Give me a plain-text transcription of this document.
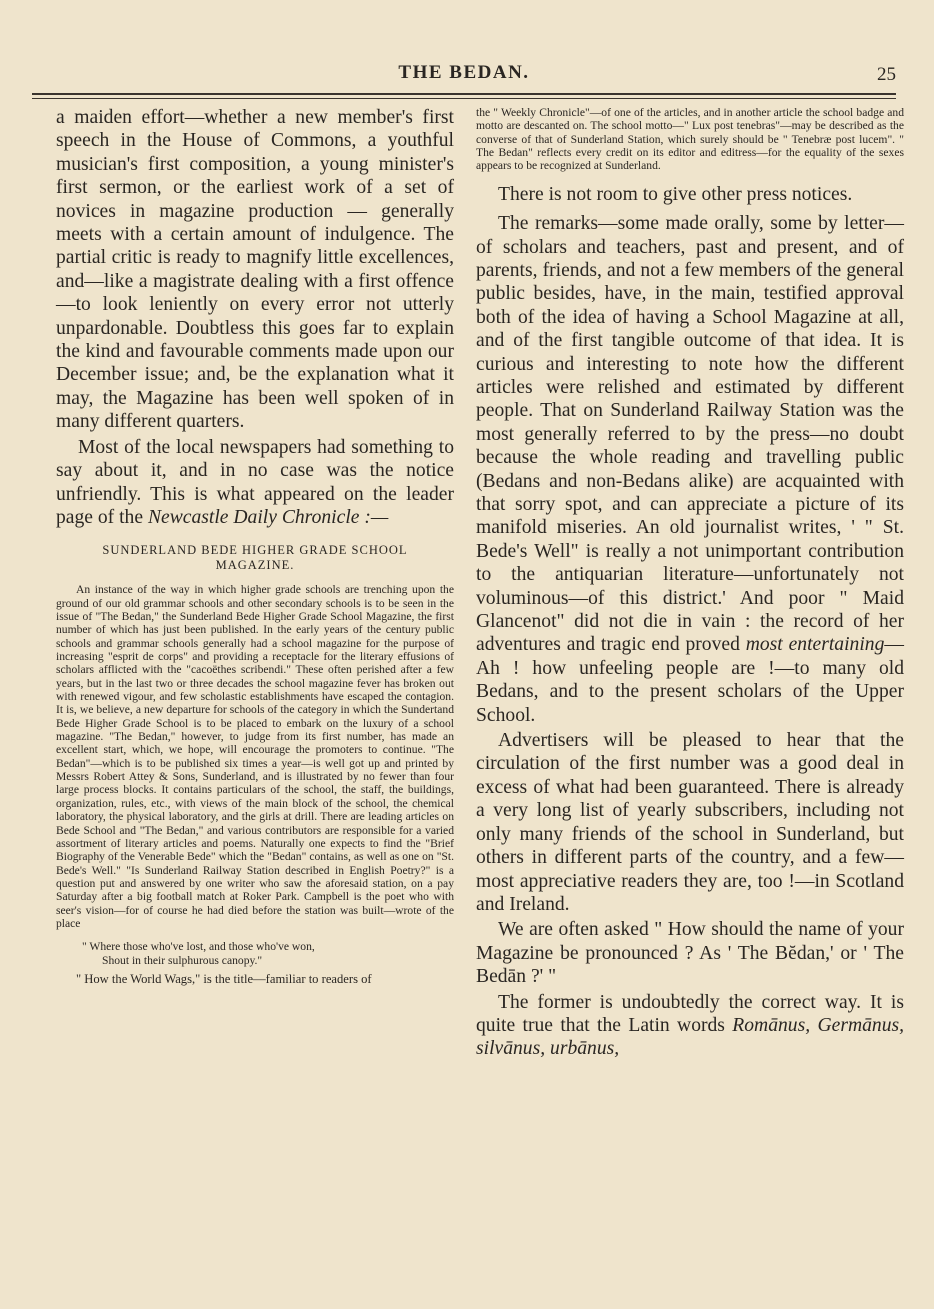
THE BEDAN.	25

a maiden effort—whether a new member's first speech in the House of Commons, a youthful musician's first composition, a young minister's first sermon, or the earliest work of a set of novices in magazine production — generally meets with a certain amount of indulgence. The partial critic is ready to magnify little excellences, and—like a magistrate dealing with a first offence—to look leniently on every error not utterly unpardonable. Doubtless this goes far to explain the kind and favourable comments made upon our December issue; and, be the explanation what it may, the Magazine has been well spoken of in many different quarters.

Most of the local newspapers had something to say about it, and in no case was the notice unfriendly. This is what appeared on the leader page of the Newcastle Daily Chronicle :—

SUNDERLAND BEDE HIGHER GRADE SCHOOL MAGAZINE.

An instance of the way in which higher grade schools are trenching upon the ground of our old grammar schools and other secondary schools is to be seen in the issue of "The Bedan," the Sunderland Bede Higher Grade School Magazine, the first number of which has just been published. In the early years of the century public schools and grammar schools generally had a school magazine for the purpose of increasing "esprit de corps" and providing a receptacle for the literary effusions of scholars afflicted with the "cacoëthes scribendi." These often perished after a few years, but in the last two or three decades the school magazine fever has broken out with renewed vigour, and few scholastic establishments have escaped the contagion. It is, we believe, a new departure for schools of the category in which the Sundertand Bede Higher Grade School is to be placed to embark on the luxury of a school magazine. "The Bedan," however, to judge from its first number, has made an excellent start, which, we hope, will encourage the promoters to continue. "The Bedan"—which is to be published six times a year—is well got up and printed by Messrs Robert Attey & Sons, Sunderland, and is illustrated by no fewer than four large process blocks. It contains particulars of the school, the staff, the buildings, organization, rules, etc., with views of the main block of the school, the chemical laboratory, the physical laboratory, and the girls at drill. There are leading articles on Bede School and "The Bedan," and various contributors are responsible for a varied assortment of literary articles and poems. Naturally one expects to find the "Brief Biography of the Venerable Bede" which the "Bedan" contains, as well as one on "St. Bede's Well." "Is Sunderland Railway Station described in English Poetry?" is a question put and answered by one writer who saw the aforesaid station, on a pay Saturday after a big football match at Roker Park. Campbell is the poet who with seer's vision—for of course he had died before the station was built—wrote of the place

" Where those who've lost, and those who've won,
Shout in their sulphurous canopy."

" How the World Wags," is the title—familiar to readers of

the " Weekly Chronicle"—of one of the articles, and in another article the school badge and motto are descanted on. The school motto—" Lux post tenebras"—may be described as the converse of that of Sunderland Station, which surely should be " Tenebræ post lucem". " The Bedan" reflects every credit on its editor and editress—for the equality of the sexes appears to be recognized at Sunderland.

There is not room to give other press notices.

The remarks—some made orally, some by letter—of scholars and teachers, past and present, and of parents, friends, and not a few members of the general public besides, have, in the main, testified approval both of the idea of having a School Magazine at all, and of the first tangible outcome of that idea. It is curious and interesting to note how the different articles were relished and estimated by different people. That on Sunderland Railway Station was the most generally referred to by the press—no doubt because the whole reading and travelling public (Bedans and non-Bedans alike) are acquainted with that sorry spot, and can appreciate a picture of its manifold miseries. An old journalist writes, ' " St. Bede's Well" is really a not unimportant contribution to the antiquarian literature—unfortunately not voluminous—of this district.' And poor " Maid Glancenot" did not die in vain : the record of her adventures and tragic end proved most entertaining—Ah ! how unfeeling people are !—to many old Bedans, and to the present scholars of the Upper School.

Advertisers will be pleased to hear that the circulation of the first number was a good deal in excess of what had been guaranteed. There is already a very long list of yearly subscribers, including not only many friends of the school in Sunderland, but others in different parts of the country, and a few—most appreciative readers they are, too !—in Scotland and Ireland.

We are often asked " How should the name of your Magazine be pronounced ? As ' The Bĕdan,' or ' The Bedān ?' "

The former is undoubtedly the correct way. It is quite true that the Latin words Romānus, Germānus, silvānus, urbānus,
